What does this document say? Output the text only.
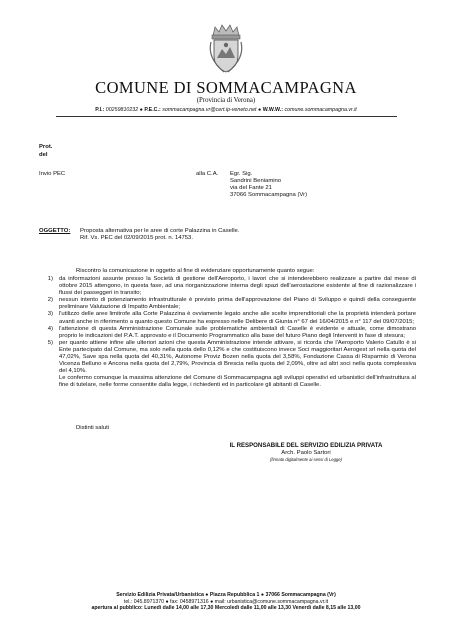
COMUNE DI SOMMACAMPAGNA
(Provincia di Verona)
P.I.: 00259810232 ● P.E.C.: sommacampagna.vr@cert.ip-veneto.net ● W.W.W.: comune.sommacampagna.vr.it
Prot.
del
Invio PEC	alla C.A. Egr. Sig.
Sandrini Beniamino
via del Fante 21
37066 Sommacampagna (Vr)
OGGETTO: Proposta alternativa per le aree di corte Palazzina in Caselle.
Rif. Vs. PEC del 02/09/2015 prot. n. 14753.
Riscontro la comunicazione in oggetto al fine di evidenziare opportunamente quanto segue:
1)	da informazioni assunte presso la Società di gestione dell'Aeroporto, i lavori che si intenderebbero realizzare a partire dal mese di ottobre 2015 attengono, in questa fase, ad una riorganizzazione interna degli spazi dell'aerostazione esistente al fine di razionalizzare i flussi dei passeggeri in transito;
2)	nessun intento di potenziamento infrastrutturale è previsto prima dell'approvazione del Piano di Sviluppo e quindi della conseguente preliminare Valutazione di Impatto Ambientale;
3)	l'utilizzo delle aree limitrofe alla Corte Palazzina è ovviamente legato anche alle scelte imprenditoriali che la proprietà intenderà portare avanti anche in riferimento a quanto questo Comune ha espresso nelle Delibere di Giunta n° 67 del 16/04/2015 e n° 117 del 09/07/2015;
4)	l'attenzione di questa Amministrazione Comunale sulle problematiche ambientali di Caselle è evidente e attuale, come dimostrano proprio le indicazioni del P.A.T. approvato e il Documento Programmatico alla base del futuro Piano degli Interventi in fase di stesura;
5)	per quanto attiene infine alle ulteriori azioni che questa Amministrazione intende attivare, si ricorda che l'Aeroporto Valerio Catullo è si Ente partecipato dal Comune, ma solo nella quota dello 0,12% e che costituiscono invece Soci maggioritari Aerogest srl nella quota del 47,02%, Save spa nella quota del 40,31%, Autonome Proviz Bozen nella quota del 3,58%, Fondazione Cassa di Risparmio di Verona Vicenza Belluno e Ancona nella quota del 2,79%, Provincia di Brescia nella quota del 2,09%, oltre ad altri soci nella quota complessiva del 4,10%.
Le confermo comunque la massima attenzione del Comune di Sommacampagna agli sviluppi operativi ed urbanistici dell'infrastruttura al fine di tutelare, nelle forme consentite dalla legge, i richiedenti ed in particolare gli abitanti di Caselle.
Distinti saluti
IL RESPONSABILE DEL SERVIZIO EDILIZIA PRIVATA
Arch. Paolo Sartori
(firmato digitalmente ai sensi di Legge)
Servizio Edilizia Privata/Urbanistica ● Piazza Repubblica 1 ● 37066 Sommacampagna (Vr)
tel.: 045.8971370 ● fax: 0458971316 ● mail: urbanistica@comune.sommacampagna.vr.it
apertura al pubblico: Lunedì dalle 14,00 alle 17,30 Mercoledì dalle 11,00 alle 13,30 Venerdì dalle 8,15 alle 13,00
